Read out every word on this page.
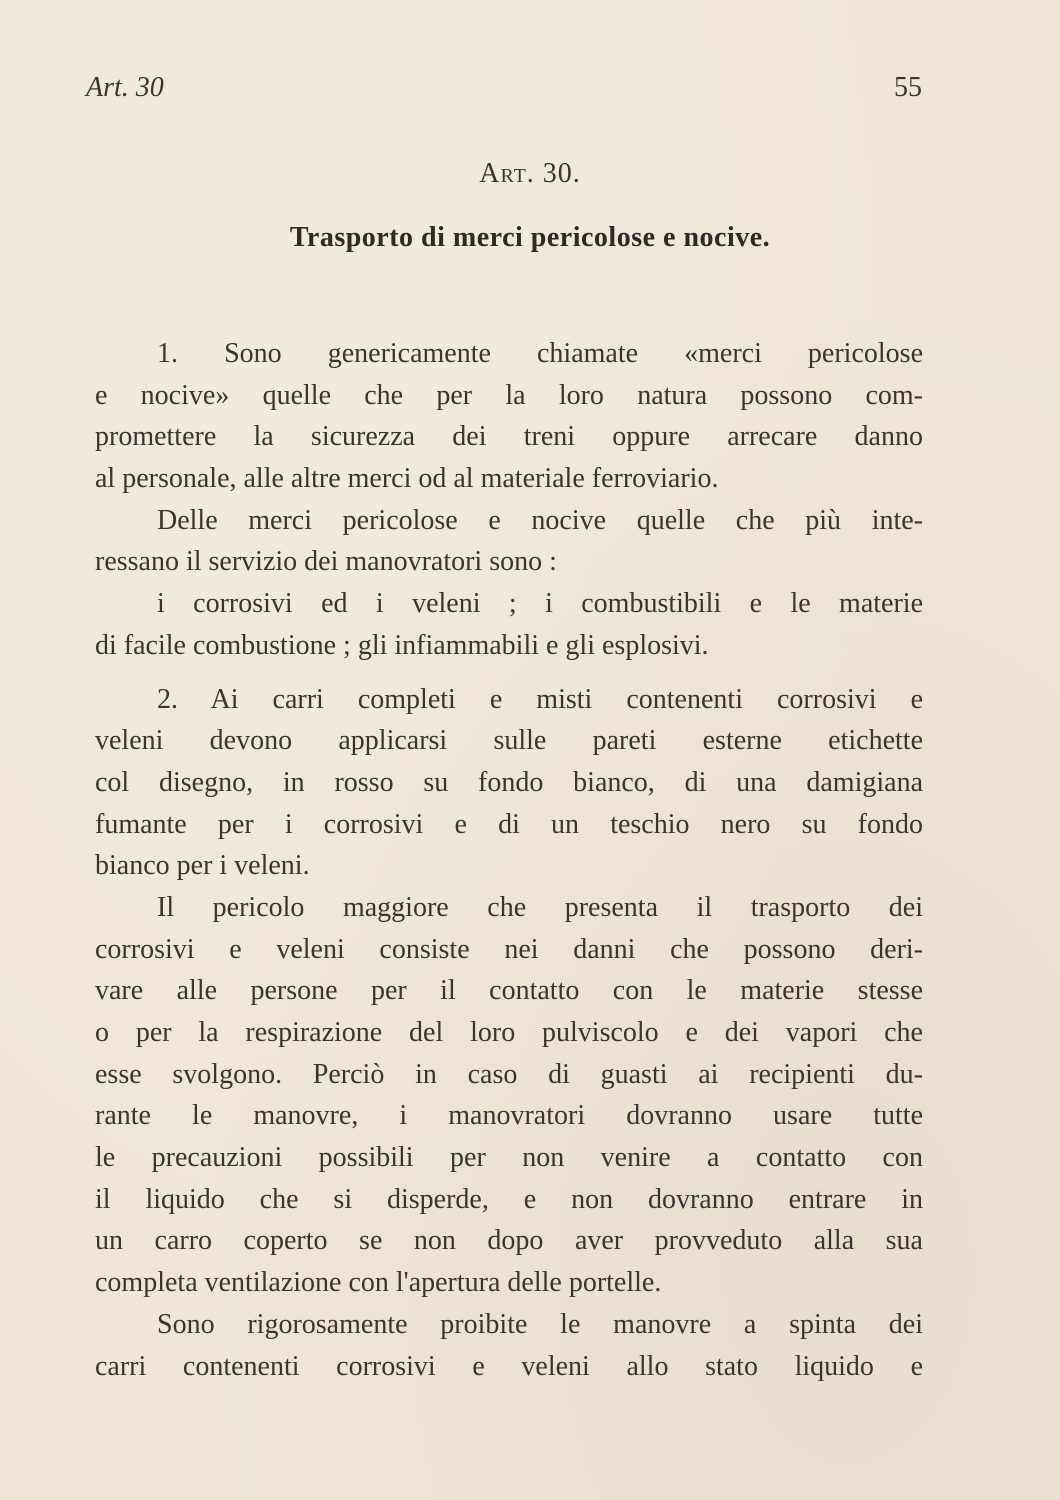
Art. 30	55
Art. 30.
Trasporto di merci pericolose e nocive.
1. Sono genericamente chiamate «merci pericolose
e nocive» quelle che per la loro natura possono com-
promettere la sicurezza dei treni oppure arrecare danno
al personale, alle altre merci od al materiale ferroviario.
Delle merci pericolose e nocive quelle che più inte-
ressano il servizio dei manovratori sono :
i corrosivi ed i veleni ; i combustibili e le materie
di facile combustione ; gli infiammabili e gli esplosivi.
2. Ai carri completi e misti contenenti corrosivi e
veleni devono applicarsi sulle pareti esterne etichette
col disegno, in rosso su fondo bianco, di una damigiana
fumante per i corrosivi e di un teschio nero su fondo
bianco per i veleni.
Il pericolo maggiore che presenta il trasporto dei
corrosivi e veleni consiste nei danni che possono deri-
vare alle persone per il contatto con le materie stesse
o per la respirazione del loro pulviscolo e dei vapori che
esse svolgono. Perciò in caso di guasti ai recipienti du-
rante le manovre, i manovratori dovranno usare tutte
le precauzioni possibili per non venire a contatto con
il liquido che si disperde, e non dovranno entrare in
un carro coperto se non dopo aver provveduto alla sua
completa ventilazione con l'apertura delle portelle.
Sono rigorosamente proibite le manovre a spinta dei
carri contenenti corrosivi e veleni allo stato liquido e
